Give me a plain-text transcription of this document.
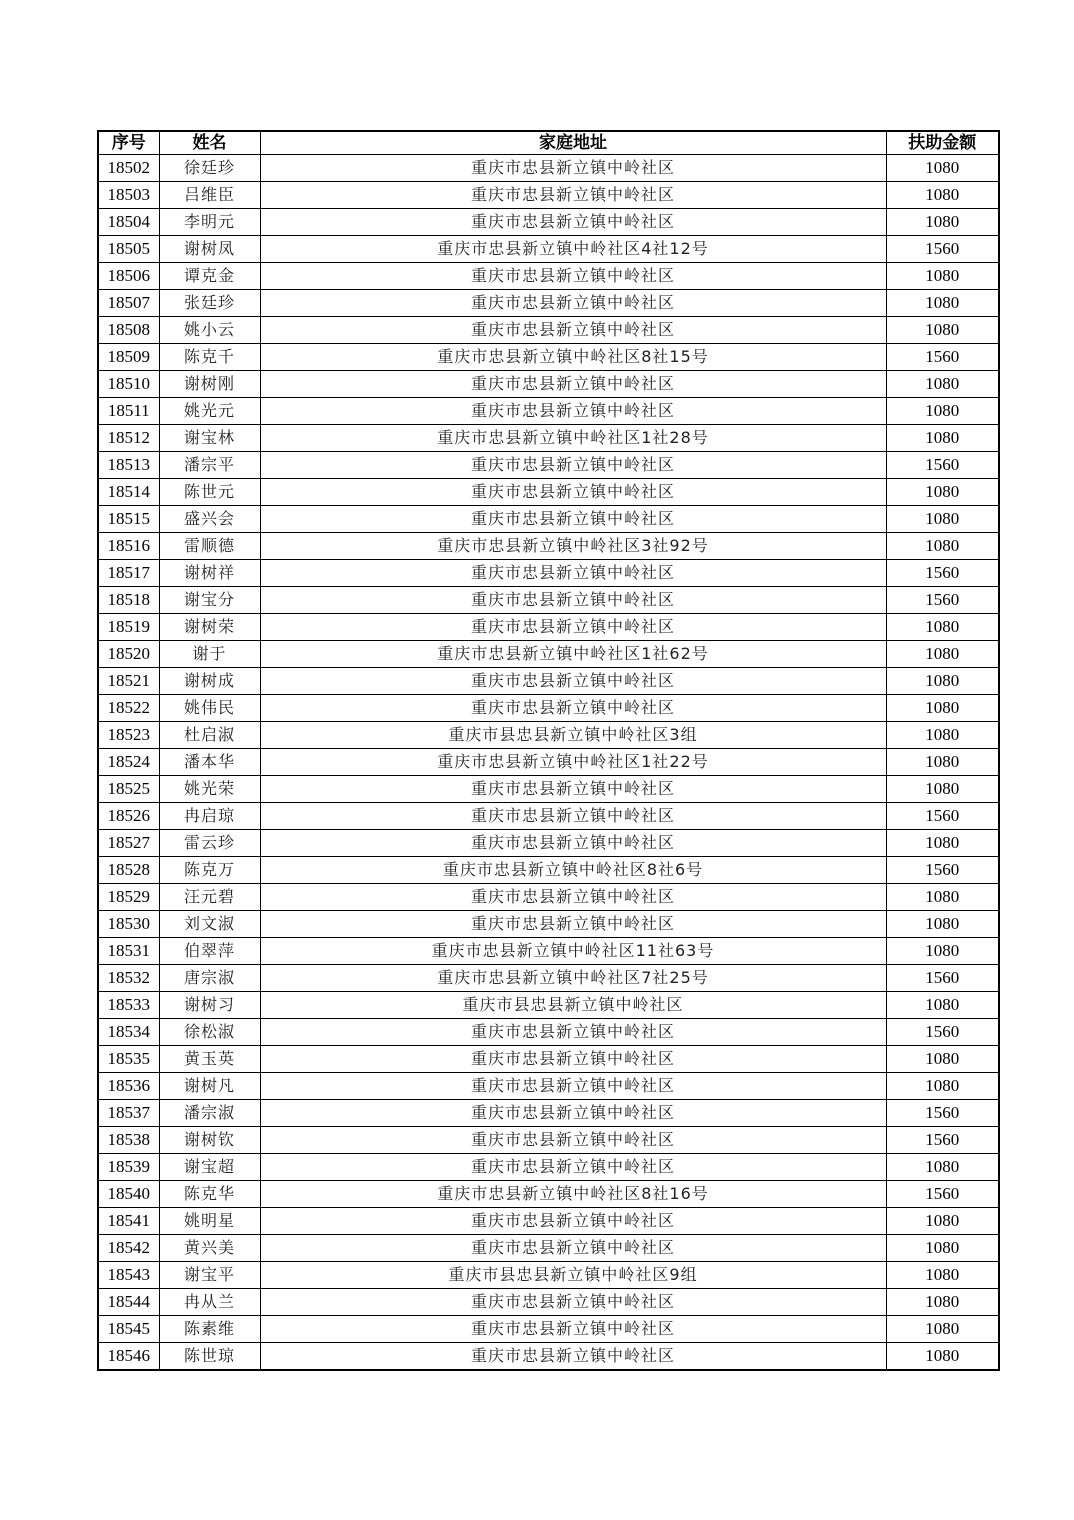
序号	姓名	家庭地址	扶助金额
18502	徐廷珍	重庆市忠县新立镇中岭社区	1080
18503	吕维臣	重庆市忠县新立镇中岭社区	1080
18504	李明元	重庆市忠县新立镇中岭社区	1080
18505	谢树凤	重庆市忠县新立镇中岭社区4社12号	1560
18506	谭克金	重庆市忠县新立镇中岭社区	1080
18507	张廷珍	重庆市忠县新立镇中岭社区	1080
18508	姚小云	重庆市忠县新立镇中岭社区	1080
18509	陈克千	重庆市忠县新立镇中岭社区8社15号	1560
18510	谢树刚	重庆市忠县新立镇中岭社区	1080
18511	姚光元	重庆市忠县新立镇中岭社区	1080
18512	谢宝林	重庆市忠县新立镇中岭社区1社28号	1080
18513	潘宗平	重庆市忠县新立镇中岭社区	1560
18514	陈世元	重庆市忠县新立镇中岭社区	1080
18515	盛兴会	重庆市忠县新立镇中岭社区	1080
18516	雷顺德	重庆市忠县新立镇中岭社区3社92号	1080
18517	谢树祥	重庆市忠县新立镇中岭社区	1560
18518	谢宝分	重庆市忠县新立镇中岭社区	1560
18519	谢树荣	重庆市忠县新立镇中岭社区	1080
18520	谢于	重庆市忠县新立镇中岭社区1社62号	1080
18521	谢树成	重庆市忠县新立镇中岭社区	1080
18522	姚伟民	重庆市忠县新立镇中岭社区	1080
18523	杜启淑	重庆市县忠县新立镇中岭社区3组	1080
18524	潘本华	重庆市忠县新立镇中岭社区1社22号	1080
18525	姚光荣	重庆市忠县新立镇中岭社区	1080
18526	冉启琼	重庆市忠县新立镇中岭社区	1560
18527	雷云珍	重庆市忠县新立镇中岭社区	1080
18528	陈克万	重庆市忠县新立镇中岭社区8社6号	1560
18529	汪元碧	重庆市忠县新立镇中岭社区	1080
18530	刘文淑	重庆市忠县新立镇中岭社区	1080
18531	伯翠萍	重庆市忠县新立镇中岭社区11社63号	1080
18532	唐宗淑	重庆市忠县新立镇中岭社区7社25号	1560
18533	谢树习	重庆市县忠县新立镇中岭社区	1080
18534	徐松淑	重庆市忠县新立镇中岭社区	1560
18535	黄玉英	重庆市忠县新立镇中岭社区	1080
18536	谢树凡	重庆市忠县新立镇中岭社区	1080
18537	潘宗淑	重庆市忠县新立镇中岭社区	1560
18538	谢树钦	重庆市忠县新立镇中岭社区	1560
18539	谢宝超	重庆市忠县新立镇中岭社区	1080
18540	陈克华	重庆市忠县新立镇中岭社区8社16号	1560
18541	姚明星	重庆市忠县新立镇中岭社区	1080
18542	黄兴美	重庆市忠县新立镇中岭社区	1080
18543	谢宝平	重庆市县忠县新立镇中岭社区9组	1080
18544	冉从兰	重庆市忠县新立镇中岭社区	1080
18545	陈素维	重庆市忠县新立镇中岭社区	1080
18546	陈世琼	重庆市忠县新立镇中岭社区	1080
